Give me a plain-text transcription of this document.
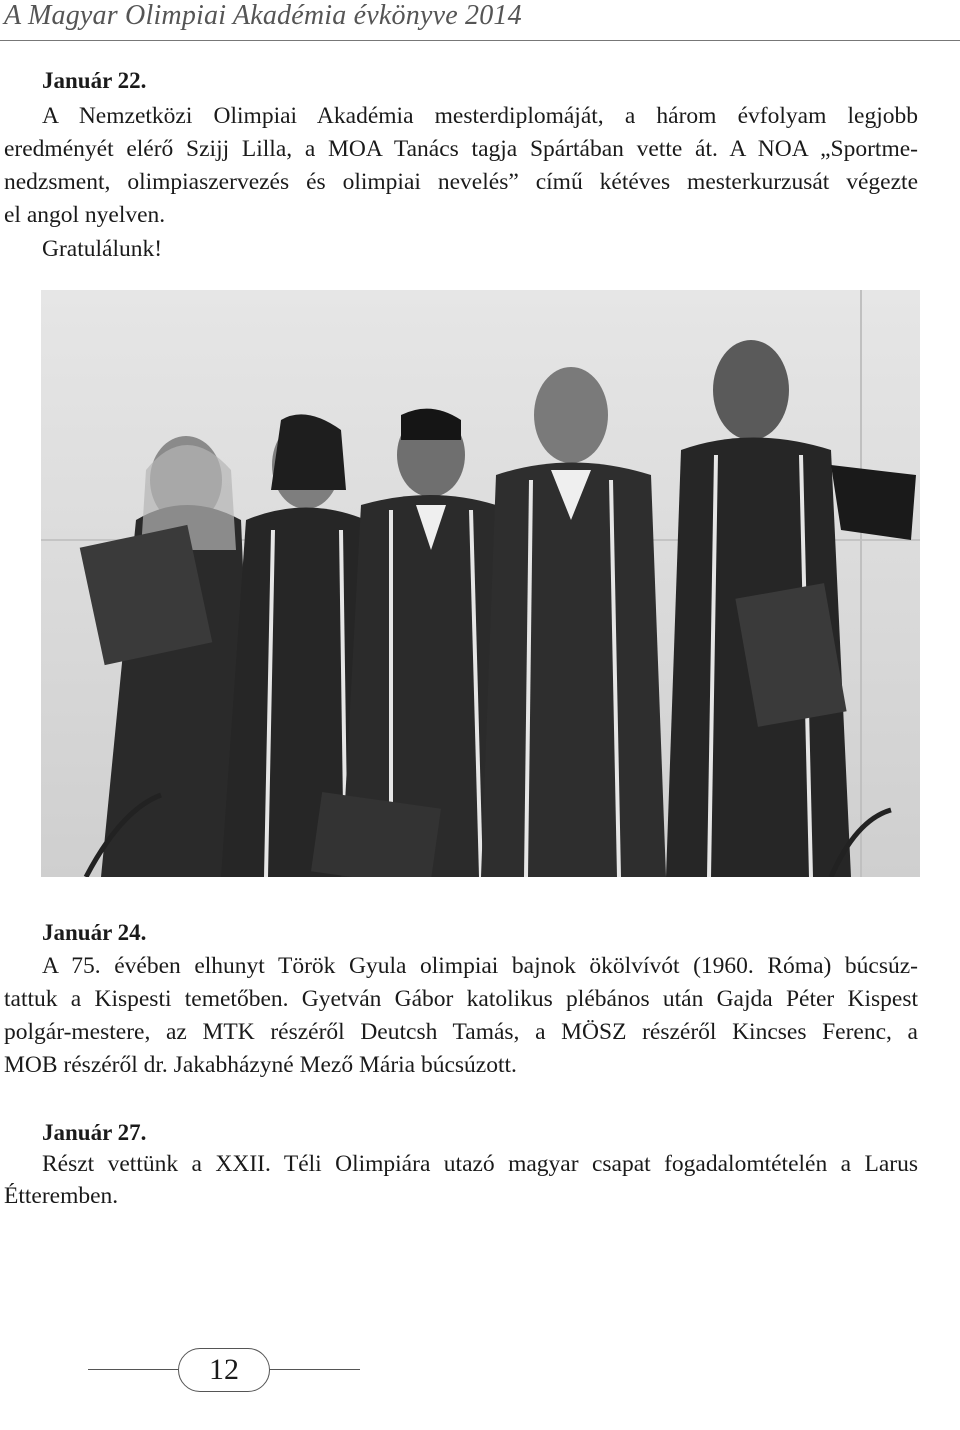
A Magyar Olimpiai Akadémia évkönyve 2014
Január 22.
A Nemzetközi Olimpiai Akadémia mesterdiplomáját, a három évfolyam legjobb
eredményét elérő Szijj Lilla, a MOA Tanács tagja Spártában vette át. A NOA „Sportme-
nedzsment, olimpiaszervezés és olimpiai nevelés” című kétéves mesterkurzusát végezte
el angol nyelven.
Gratulálunk!
Január 24.
A 75. évében elhunyt Török Gyula olimpiai bajnok ökölvívót (1960. Róma) búcsúz-
tattuk a Kispesti temetőben. Gyetván Gábor katolikus plébános után Gajda Péter Kispest
polgár-mestere, az MTK részéről Deutcsh Tamás, a MÖSZ részéről Kincses Ferenc, a
MOB részéről dr. Jakabházyné Mező Mária búcsúzott.
Január 27.
Részt vettünk a XXII. Téli Olimpiára utazó magyar csapat fogadalomtételén a Larus
Étteremben.
12
